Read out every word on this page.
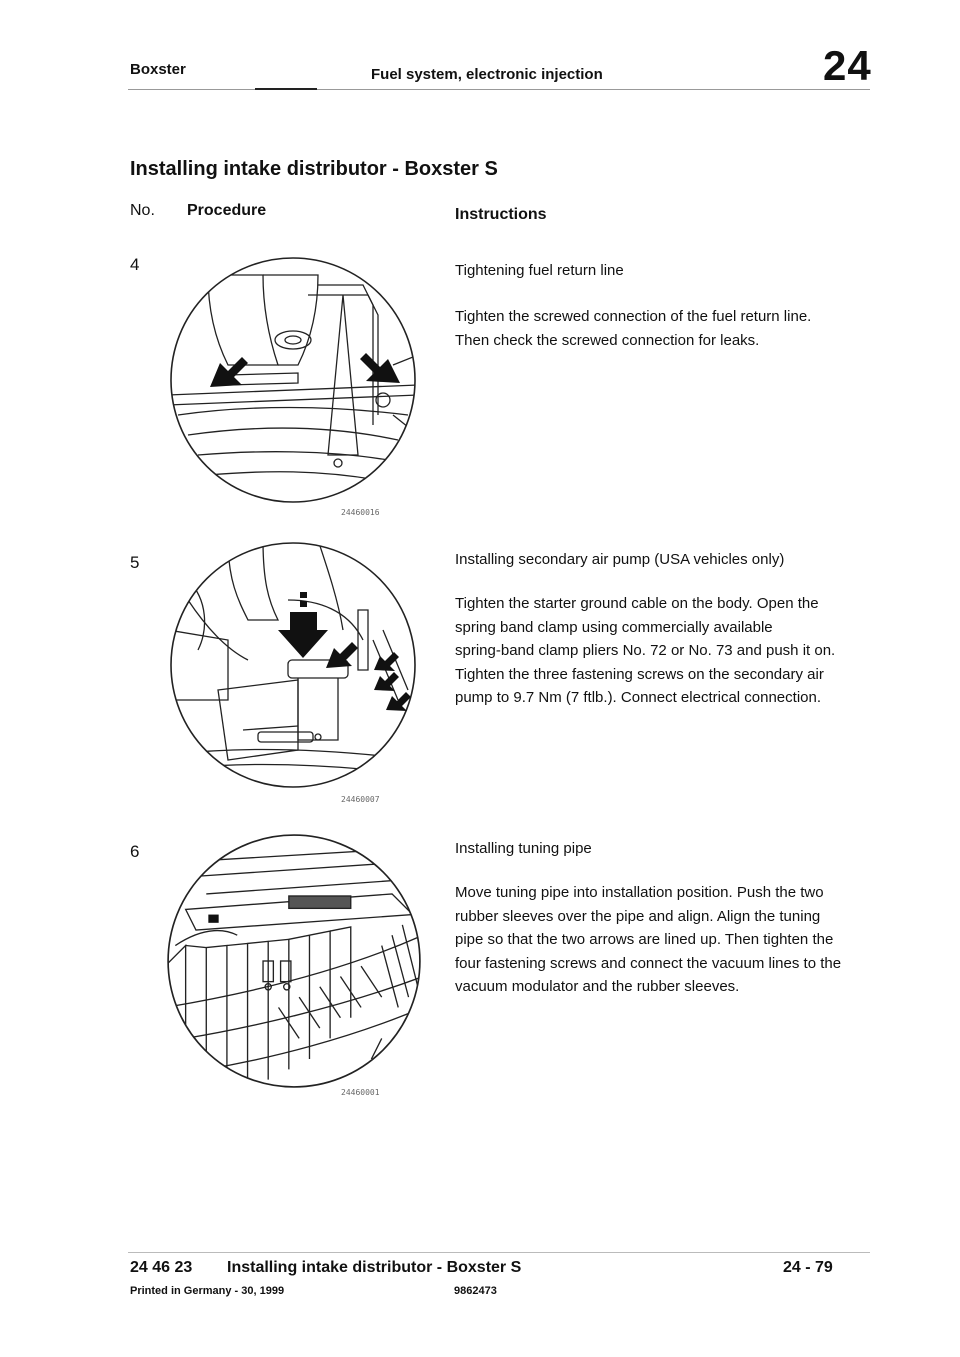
Boxster	Fuel system, electronic injection	24
Installing intake distributor - Boxster S
No. Procedure	Instructions
4
24460016
Tightening fuel return line
Tighten the screwed connection of the fuel return line.
Then check the screwed connection for leaks.
5
24460007
Installing secondary air pump (USA vehicles only)
Tighten the starter ground cable on the body. Open the
spring band clamp using commercially available
spring-band clamp pliers No. 72 or No. 73 and push it on.
Tighten the three fastening screws on the secondary air
pump to 9.7 Nm (7 ftlb.). Connect electrical connection.
6
24460001
Installing tuning pipe
Move tuning pipe into installation position. Push the two
rubber sleeves over the pipe and align. Align the tuning
pipe so that the two arrows are lined up. Then tighten the
four fastening screws and connect the vacuum lines to the
vacuum modulator and the rubber sleeves.
24 46 23 Installing intake distributor - Boxster S	24 - 79
Printed in Germany - 30, 1999	9862473
